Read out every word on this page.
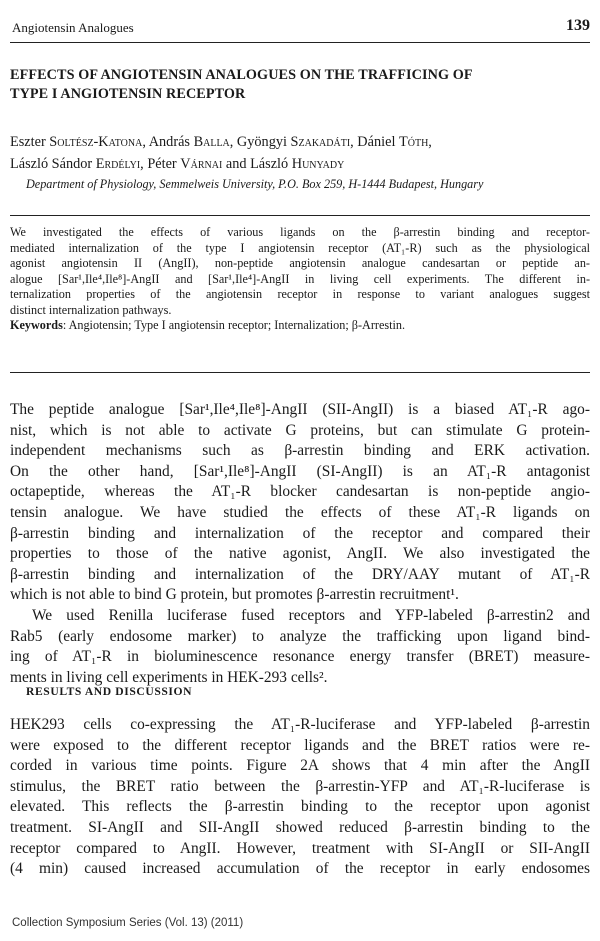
Angiotensin Analogues	139
EFFECTS OF ANGIOTENSIN ANALOGUES ON THE TRAFFICING OF
TYPE I ANGIOTENSIN RECEPTOR
Eszter Soltész-Katona, András Balla, Gyöngyi Szakadáti, Dániel Tóth,
László Sándor Erdélyi, Péter Várnai and László Hunyady
Department of Physiology, Semmelweis University, P.O. Box 259, H-1444 Budapest, Hungary
We investigated the effects of various ligands on the β-arrestin binding and receptor-
mediated internalization of the type I angiotensin receptor (AT₁-R) such as the physiological
agonist angiotensin II (AngII), non-peptide angiotensin analogue candesartan or peptide an-
alogue [Sar¹,Ile⁴,Ile⁸]-AngII and [Sar¹,Ile⁴]-AngII in living cell experiments. The different in-
ternalization properties of the angiotensin receptor in response to variant analogues suggest
distinct internalization pathways.
Keywords: Angiotensin; Type I angiotensin receptor; Internalization; β-Arrestin.
The peptide analogue [Sar¹,Ile⁴,Ile⁸]-AngII (SII-AngII) is a biased AT₁-R ago-
nist, which is not able to activate G proteins, but can stimulate G protein-
independent mechanisms such as β-arrestin binding and ERK activation.
On the other hand, [Sar¹,Ile⁸]-AngII (SI-AngII) is an AT₁-R antagonist
octapeptide, whereas the AT₁-R blocker candesartan is non-peptide angio-
tensin analogue. We have studied the effects of these AT₁-R ligands on
β-arrestin binding and internalization of the receptor and compared their
properties to those of the native agonist, AngII. We also investigated the
β-arrestin binding and internalization of the DRY/AAY mutant of AT₁-R
which is not able to bind G protein, but promotes β-arrestin recruitment¹.
We used Renilla luciferase fused receptors and YFP-labeled β-arrestin2 and
Rab5 (early endosome marker) to analyze the trafficking upon ligand bind-
ing of AT₁-R in bioluminescence resonance energy transfer (BRET) measure-
ments in living cell experiments in HEK-293 cells².
RESULTS AND DISCUSSION
HEK293 cells co-expressing the AT₁-R-luciferase and YFP-labeled β-arrestin
were exposed to the different receptor ligands and the BRET ratios were re-
corded in various time points. Figure 2A shows that 4 min after the AngII
stimulus, the BRET ratio between the β-arrestin-YFP and AT₁-R-luciferase is
elevated. This reflects the β-arrestin binding to the receptor upon agonist
treatment. SI-AngII and SII-AngII showed reduced β-arrestin binding to the
receptor compared to AngII. However, treatment with SI-AngII or SII-AngII
(4 min) caused increased accumulation of the receptor in early endosomes
Collection Symposium Series (Vol. 13) (2011)
